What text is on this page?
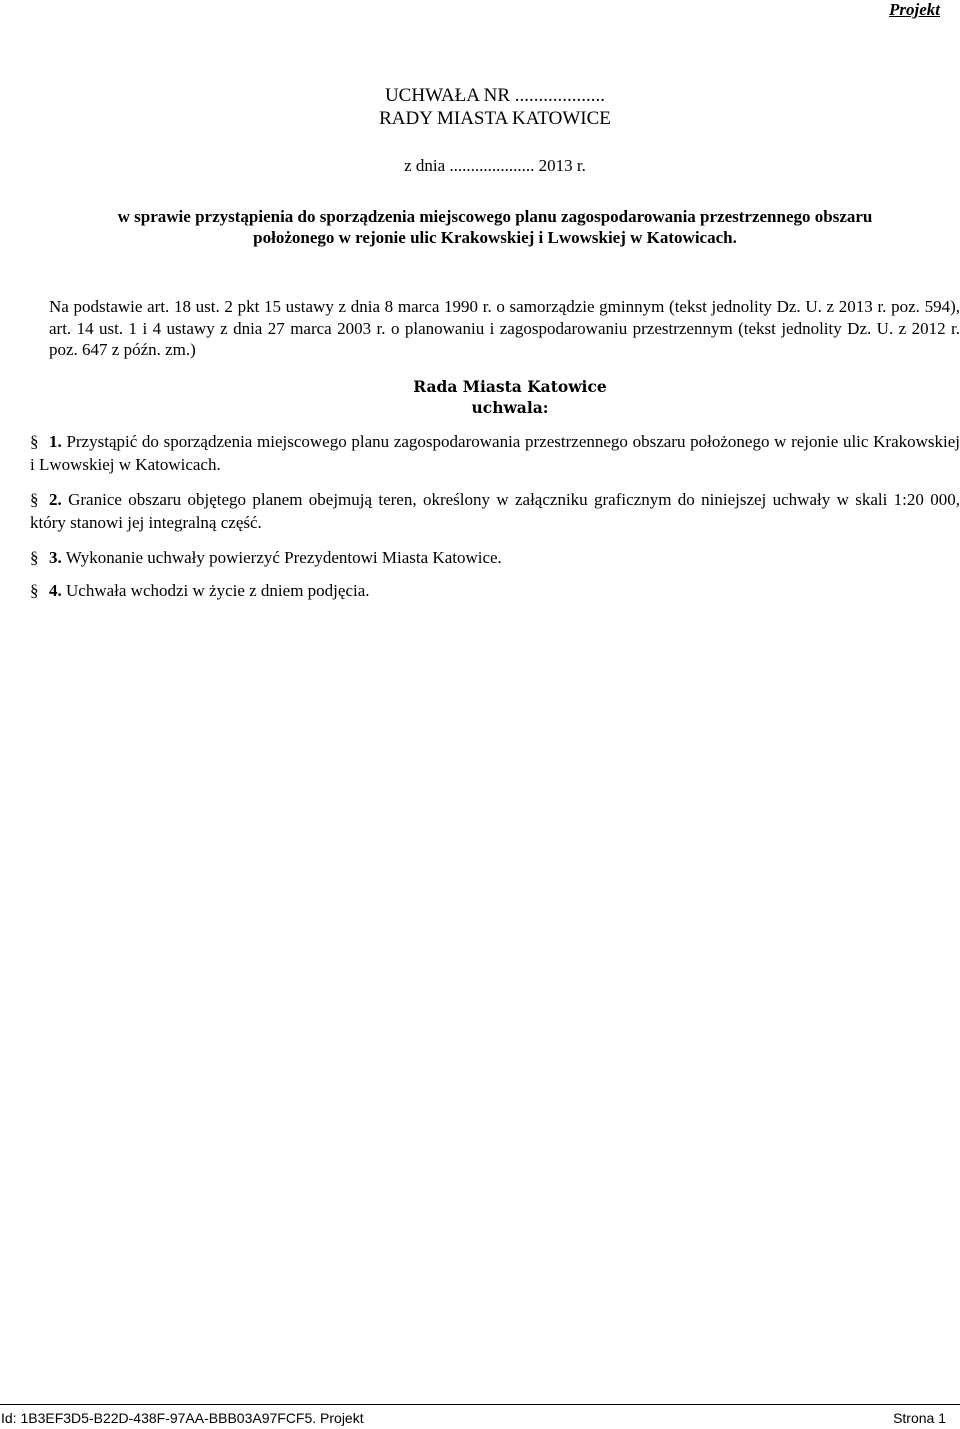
Projekt
UCHWAŁA NR ...................
RADY MIASTA KATOWICE
z dnia .................... 2013 r.
w sprawie przystąpienia do sporządzenia miejscowego planu zagospodarowania przestrzennego obszaru
położonego w rejonie ulic Krakowskiej i Lwowskiej w Katowicach.
Na podstawie art. 18 ust. 2 pkt 15 ustawy z dnia 8 marca 1990 r. o samorządzie gminnym (tekst jednolity Dz. U. z 2013 r. poz. 594), art. 14 ust. 1 i 4 ustawy z dnia 27 marca 2003 r. o planowaniu i zagospodarowaniu przestrzennym (tekst jednolity Dz. U. z 2012 r. poz. 647 z późn. zm.)
Rada Miasta Katowice
uchwala:
§ 1. Przystąpić do sporządzenia miejscowego planu zagospodarowania przestrzennego obszaru położonego w rejonie ulic Krakowskiej i Lwowskiej w Katowicach.
§ 2. Granice obszaru objętego planem obejmują teren, określony w załączniku graficznym do niniejszej uchwały w skali 1:20 000, który stanowi jej integralną część.
§ 3. Wykonanie uchwały powierzyć Prezydentowi Miasta Katowice.
§ 4. Uchwała wchodzi w życie z dniem podjęcia.
Id: 1B3EF3D5-B22D-438F-97AA-BBB03A97FCF5. Projekt	Strona 1
